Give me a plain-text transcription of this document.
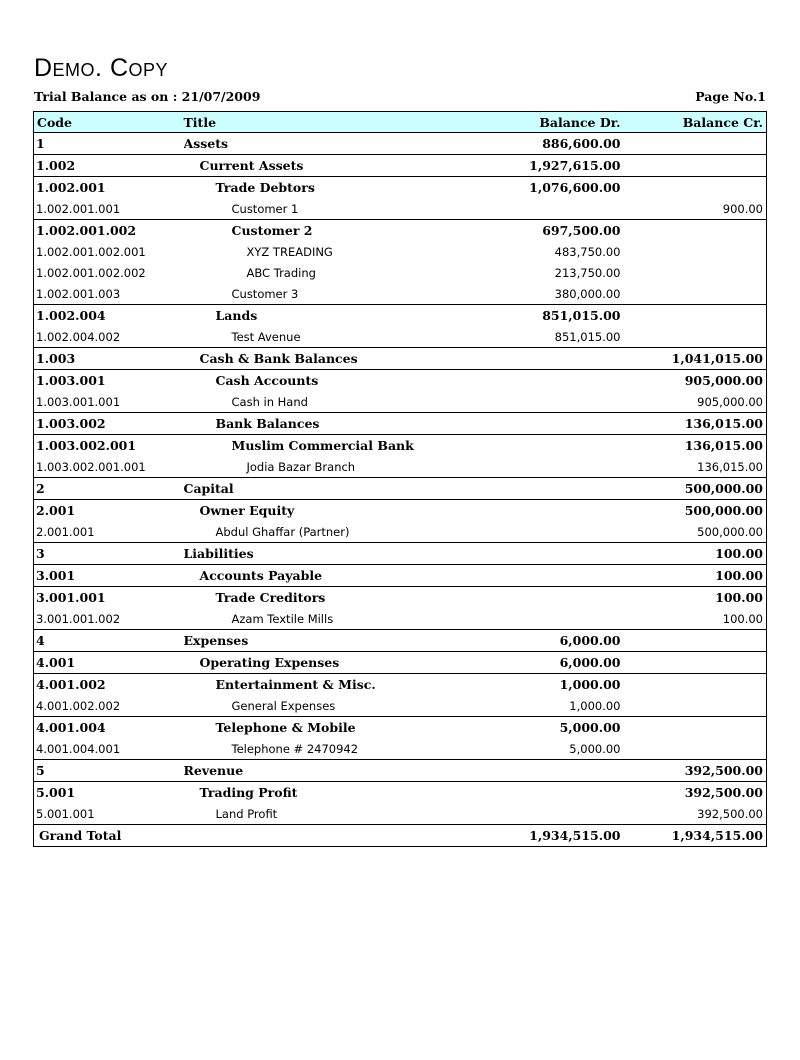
Demo. Copy
Trial Balance as on : 21/07/2009	Page No.1
Code	Title	Balance Dr.	Balance Cr.
1	Assets	886,600.00	
1.002	Current Assets	1,927,615.00	
1.002.001	Trade Debtors	1,076,600.00	
1.002.001.001	Customer 1		900.00
1.002.001.002	Customer 2	697,500.00	
1.002.001.002.001	XYZ TREADING	483,750.00	
1.002.001.002.002	ABC Trading	213,750.00	
1.002.001.003	Customer 3	380,000.00	
1.002.004	Lands	851,015.00	
1.002.004.002	Test Avenue	851,015.00	
1.003	Cash & Bank Balances		1,041,015.00
1.003.001	Cash Accounts		905,000.00
1.003.001.001	Cash in Hand		905,000.00
1.003.002	Bank Balances		136,015.00
1.003.002.001	Muslim Commercial Bank		136,015.00
1.003.002.001.001	Jodia Bazar Branch		136,015.00
2	Capital		500,000.00
2.001	Owner Equity		500,000.00
2.001.001	Abdul Ghaffar (Partner)		500,000.00
3	Liabilities		100.00
3.001	Accounts Payable		100.00
3.001.001	Trade Creditors		100.00
3.001.001.002	Azam Textile Mills		100.00
4	Expenses	6,000.00	
4.001	Operating Expenses	6,000.00	
4.001.002	Entertainment & Misc.	1,000.00	
4.001.002.002	General Expenses	1,000.00	
4.001.004	Telephone & Mobile	5,000.00	
4.001.004.001	Telephone # 2470942	5,000.00	
5	Revenue		392,500.00
5.001	Trading Profit		392,500.00
5.001.001	Land Profit		392,500.00
Grand Total		1,934,515.00	1,934,515.00
